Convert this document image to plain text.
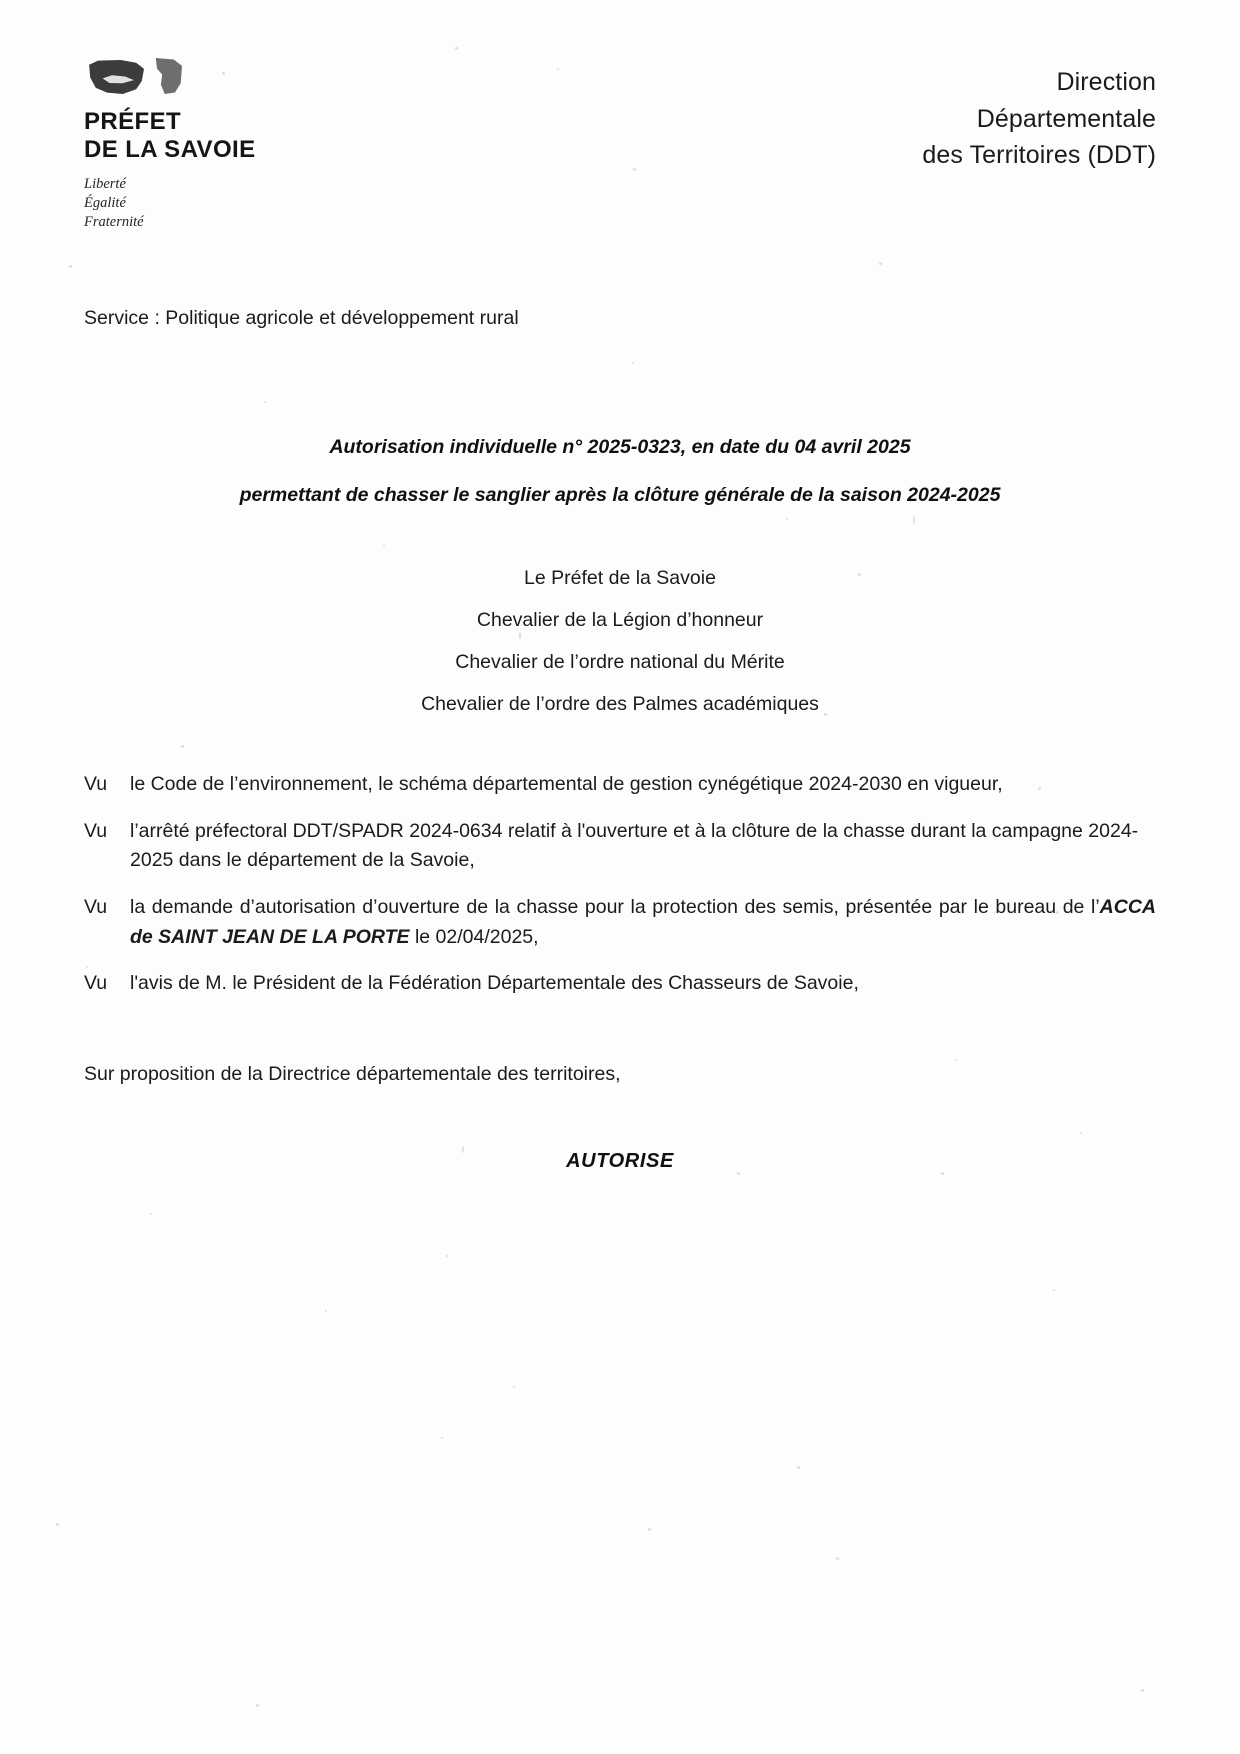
PRÉFET
DE LA SAVOIE
Liberté
Égalité
Fraternité
Direction
Départementale
des Territoires (DDT)
Service : Politique agricole et développement rural
Autorisation individuelle n° 2025-0323, en date du 04 avril 2025
permettant de chasser le sanglier après la clôture générale de la saison 2024-2025
Le Préfet de la Savoie
Chevalier de la Légion d’honneur
Chevalier de l’ordre national du Mérite
Chevalier de l’ordre des Palmes académiques
Vu	le Code de l’environnement, le schéma départemental de gestion cynégétique 2024-2030 en vigueur,
Vu	l’arrêté préfectoral DDT/SPADR 2024-0634 relatif à l'ouverture et à la clôture de la chasse durant la campagne 2024-2025 dans le département de la Savoie,
Vu	la demande d’autorisation d’ouverture de la chasse pour la protection des semis, présentée par le bureau de l’ACCA de SAINT JEAN DE LA PORTE le 02/04/2025,
Vu	l'avis de M. le Président de la Fédération Départementale des Chasseurs de Savoie,
Sur proposition de la Directrice départementale des territoires,
AUTORISE
